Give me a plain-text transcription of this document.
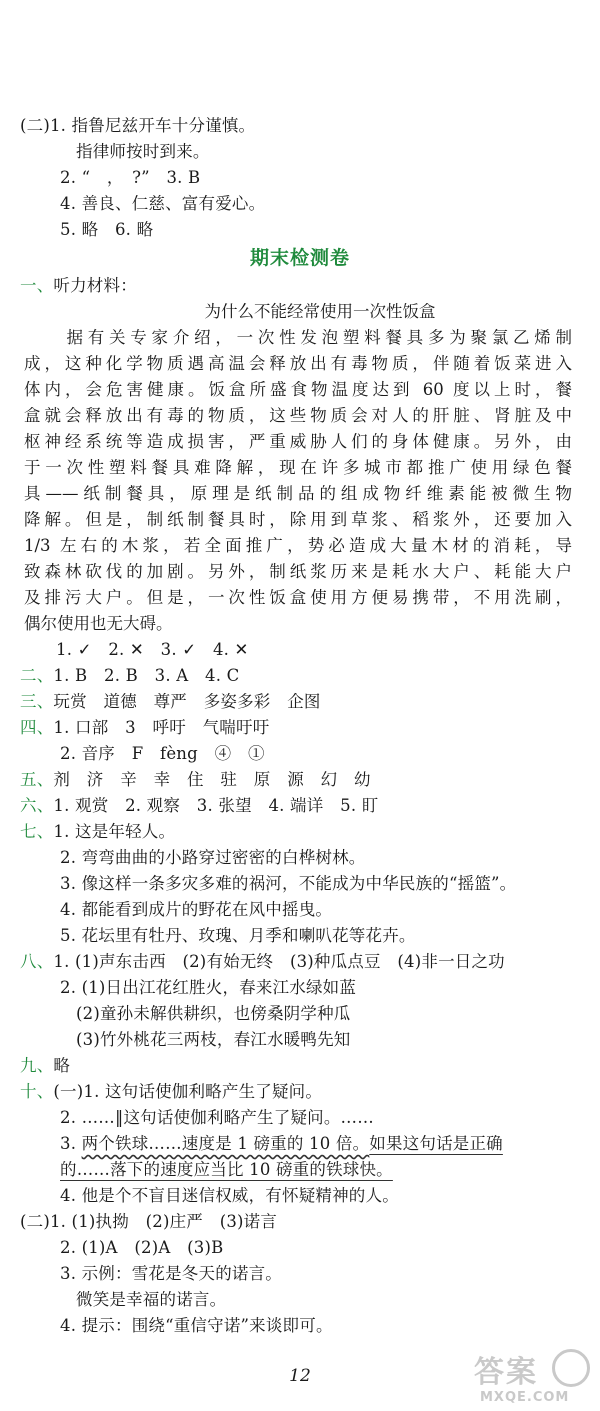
(二)1. 指鲁尼兹开车十分谨慎。
指律师按时到来。
2. “　，　?”　3. B
4. 善良、仁慈、富有爱心。
5. 略　6. 略
期末检测卷
一、听力材料：
为什么不能经常使用一次性饭盒
　　据有关专家介绍，一次性发泡塑料餐具多为聚氯乙烯制
成，这种化学物质遇高温会释放出有毒物质，伴随着饭菜进入
体内，会危害健康。饭盒所盛食物温度达到 60 度以上时，餐
盒就会释放出有毒的物质，这些物质会对人的肝脏、肾脏及中
枢神经系统等造成损害，严重威胁人们的身体健康。另外，由
于一次性塑料餐具难降解，现在许多城市都推广使用绿色餐
具——纸制餐具，原理是纸制品的组成物纤维素能被微生物
降解。但是，制纸制餐具时，除用到草浆、稻浆外，还要加入
1/3 左右的木浆，若全面推广，势必造成大量木材的消耗，导
致森林砍伐的加剧。另外，制纸浆历来是耗水大户、耗能大户
及排污大户。但是，一次性饭盒使用方便易携带，不用洗刷，
偶尔使用也无大碍。
1. ✓　2. ✕　3. ✓　4. ✕
二、1. B　2. B　3. A　4. C
三、玩赏　道德　尊严　多姿多彩　企图
四、1. 口部　3　呼吁　气喘吁吁
2. 音序　F　fèng　④　①
五、剂　济　辛　幸　住　驻　原　源　幻　幼
六、1. 观赏　2. 观察　3. 张望　4. 端详　5. 盯
七、1. 这是年轻人。
2. 弯弯曲曲的小路穿过密密的白桦树林。
3. 像这样一条多灾多难的祸河，不能成为中华民族的“摇篮”。
4. 都能看到成片的野花在风中摇曳。
5. 花坛里有牡丹、玫瑰、月季和喇叭花等花卉。
八、1. (1)声东击西　(2)有始无终　(3)种瓜点豆　(4)非一日之功
2. (1)日出江花红胜火，春来江水绿如蓝
(2)童孙未解供耕织，也傍桑阴学种瓜
(3)竹外桃花三两枝，春江水暖鸭先知
九、略
十、(一)1. 这句话使伽利略产生了疑问。
2. ……‖这句话使伽利略产生了疑问。……
3. 两个铁球……速度是 1 磅重的 10 倍。如果这句话是正确
的……落下的速度应当比 10 磅重的铁球快。
4. 他是个不盲目迷信权威，有怀疑精神的人。
(二)1. (1)执拗　(2)庄严　(3)诺言
2. (1)A　(2)A　(3)B
3. 示例：雪花是冬天的诺言。
微笑是幸福的诺言。
4. 提示：围绕“重信守诺”来谈即可。
12	答案
MXQE.COM
